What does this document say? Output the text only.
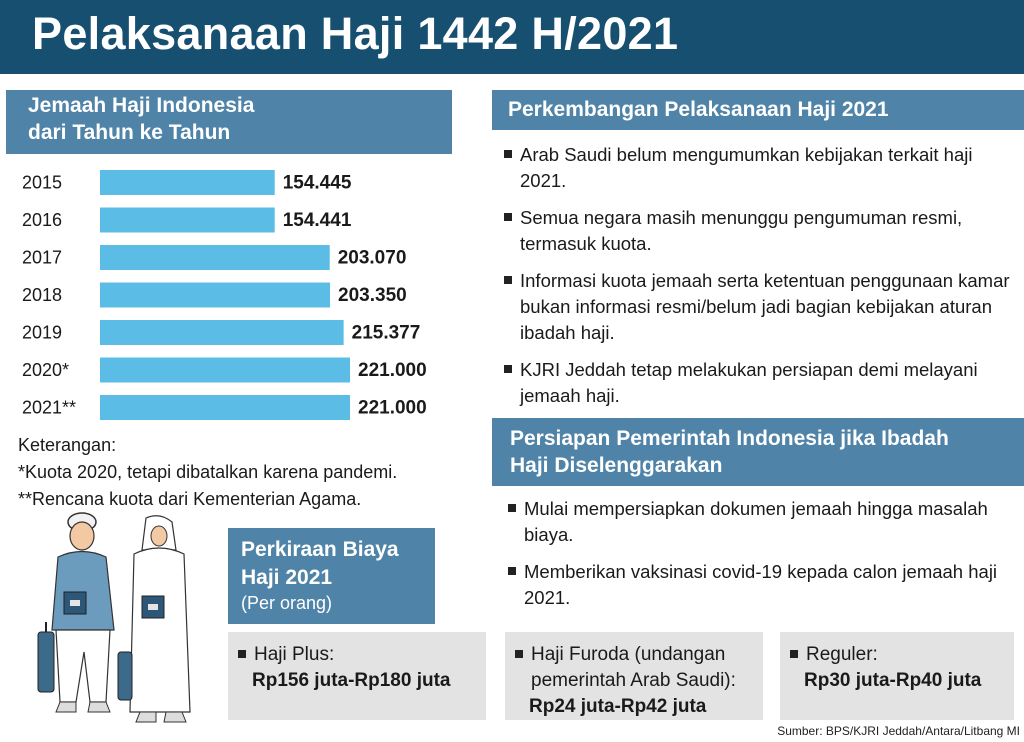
Pelaksanaan Haji 1442 H/2021
Jemaah Haji Indonesia
dari Tahun ke Tahun
2015	154.445
2016	154.441
2017	203.070
2018	203.350
2019	215.377
2020*	221.000
2021**	221.000
Keterangan:
*Kuota 2020, tetapi dibatalkan karena pandemi.
**Rencana kuota dari Kementerian Agama.
Perkiraan Biaya
Haji 2021
(Per orang)
Haji Plus:
Rp156 juta-Rp180 juta
Haji Furoda (undangan
pemerintah Arab Saudi):
Rp24 juta-Rp42 juta
Reguler:
Rp30 juta-Rp40 juta
Perkembangan Pelaksanaan Haji 2021
Arab Saudi belum mengumumkan kebijakan terkait haji 2021.
Semua negara masih menunggu pengumuman resmi, termasuk kuota.
Informasi kuota jemaah serta ketentuan penggunaan kamar bukan informasi resmi/belum jadi bagian kebijakan aturan ibadah haji.
KJRI Jeddah tetap melakukan persiapan demi melayani jemaah haji.
Persiapan Pemerintah Indonesia jika Ibadah
Haji Diselenggarakan
Mulai mempersiapkan dokumen jemaah hingga masalah biaya.
Memberikan vaksinasi covid-19 kepada calon jemaah haji 2021.
Sumber: BPS/KJRI Jeddah/Antara/Litbang MI
